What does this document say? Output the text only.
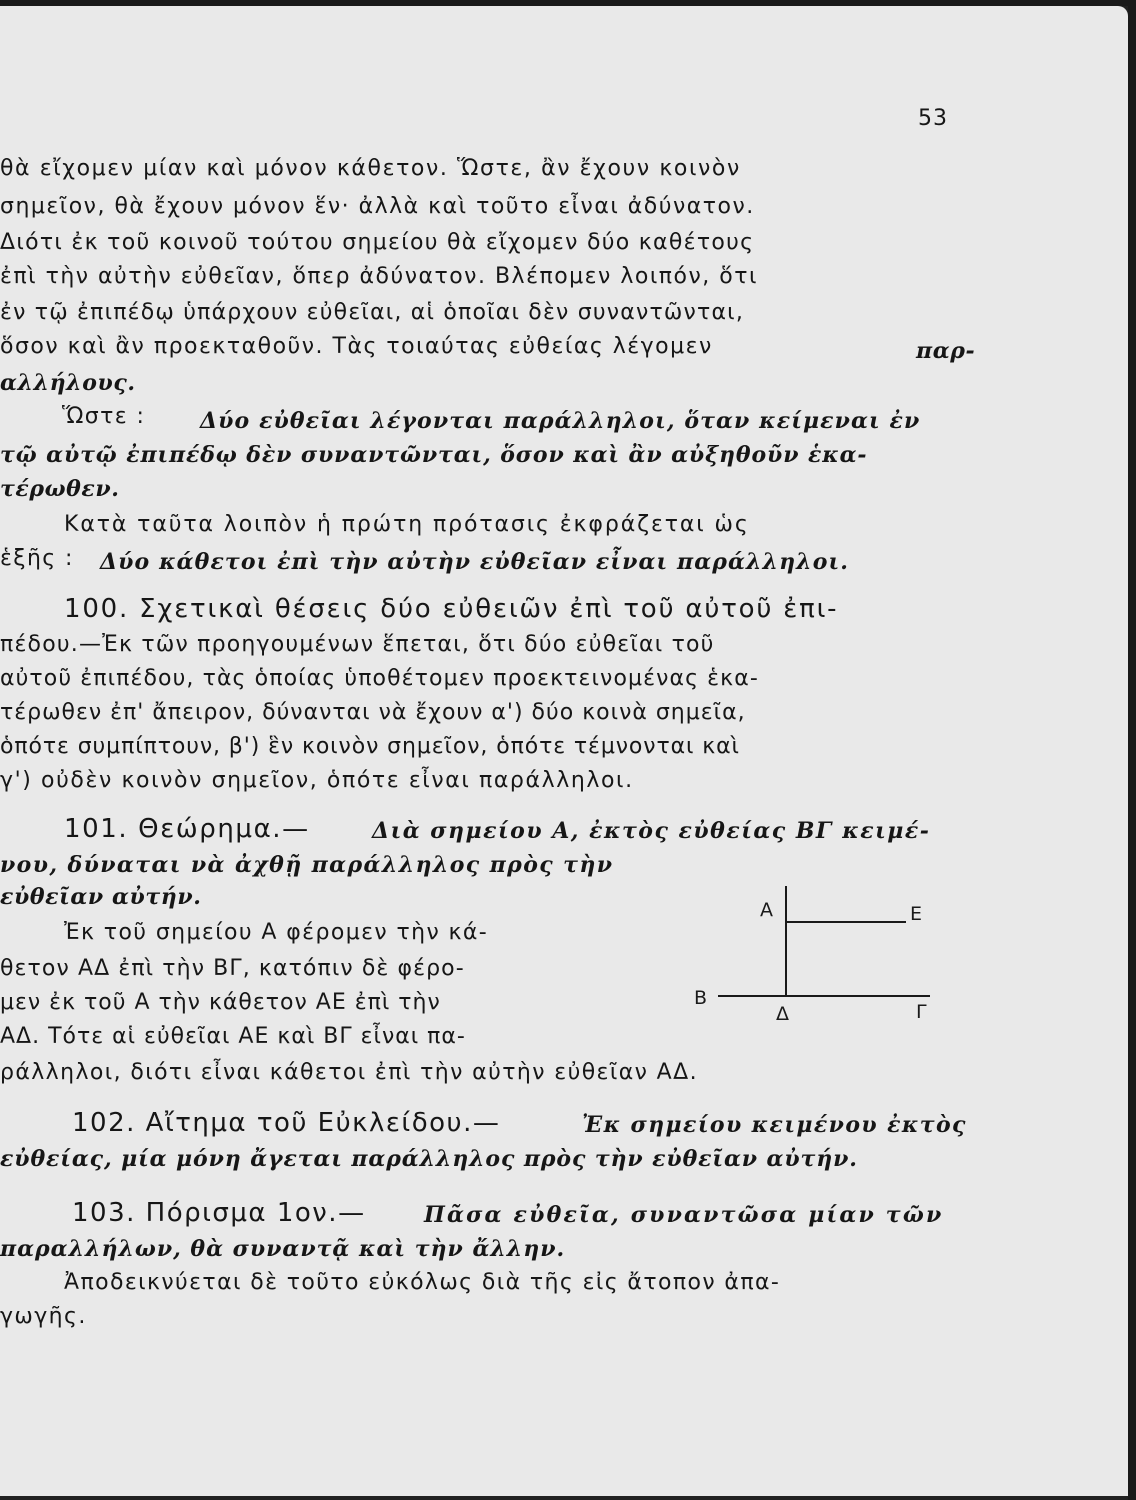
53
θὰ εἴχομεν μίαν καὶ μόνον κάθετον. Ὥστε, ἂν ἔχουν κοινὸν
σημεῖον, θὰ ἔχουν μόνον ἕν· ἀλλὰ καὶ τοῦτο εἶναι ἀδύνατον.
Διότι ἐκ τοῦ κοινοῦ τούτου σημείου θὰ εἴχομεν δύο καθέτους
ἐπὶ τὴν αὐτὴν εὐθεῖαν, ὅπερ ἀδύνατον. Βλέπομεν λοιπόν, ὅτι
ἐν τῷ ἐπιπέδῳ ὑπάρχουν εὐθεῖαι, αἱ ὁποῖαι δὲν συναντῶνται,
ὅσον καὶ ἂν προεκταθοῦν. Τὰς τοιαύτας εὐθείας λέγομεν	παρ-
αλλήλους.
Ὥστε : Δύο εὐθεῖαι λέγονται παράλληλοι, ὅταν κείμεναι ἐν
τῷ αὐτῷ ἐπιπέδῳ δὲν συναντῶνται, ὅσον καὶ ἂν αὐξηθοῦν ἑκα-
τέρωθεν.
Κατὰ ταῦτα λοιπὸν ἡ πρώτη πρότασις ἐκφράζεται ὡς
ἑξῆς : Δύο κάθετοι ἐπὶ τὴν αὐτὴν εὐθεῖαν εἶναι παράλληλοι.
100. Σχετικαὶ θέσεις δύο εὐθειῶν ἐπὶ τοῦ αὐτοῦ ἐπι-
πέδου.—Ἐκ τῶν προηγουμένων ἕπεται, ὅτι δύο εὐθεῖαι τοῦ
αὐτοῦ ἐπιπέδου, τὰς ὁποίας ὑποθέτομεν προεκτεινομένας ἑκα-
τέρωθεν ἐπ' ἄπειρον, δύνανται νὰ ἔχουν α') δύο κοινὰ σημεῖα,
ὁπότε συμπίπτουν, β') ἓν κοινὸν σημεῖον, ὁπότε τέμνονται καὶ
γ') οὐδὲν κοινὸν σημεῖον, ὁπότε εἶναι παράλληλοι.
101. Θεώρημα.—	Διὰ σημείου Α, ἐκτὸς εὐθείας ΒΓ κειμέ-
νου, δύναται νὰ ἀχθῇ παράλληλος πρὸς τὴν
εὐθεῖαν αὐτήν.
Ἐκ τοῦ σημείου Α φέρομεν τὴν κά-
θετον ΑΔ ἐπὶ τὴν ΒΓ, κατόπιν δὲ φέρο-
μεν ἐκ τοῦ Α τὴν κάθετον ΑΕ ἐπὶ τὴν
ΑΔ. Τότε αἱ εὐθεῖαι ΑΕ καὶ ΒΓ εἶναι πα-
ράλληλοι, διότι εἶναι κάθετοι ἐπὶ τὴν αὐτὴν εὐθεῖαν ΑΔ.
Α	Ε
Β
Δ	Γ
102. Αἴτημα τοῦ Εὐκλείδου.—	Ἐκ σημείου κειμένου ἐκτὸς
εὐθείας, μία μόνη ἄγεται παράλληλος πρὸς τὴν εὐθεῖαν αὐτήν.
103. Πόρισμα 1ον.—	Πᾶσα εὐθεῖα, συναντῶσα μίαν τῶν
παραλλήλων, θὰ συναντᾷ καὶ τὴν ἄλλην.
Ἀποδεικνύεται δὲ τοῦτο εὐκόλως διὰ τῆς εἰς ἄτοπον ἀπα-
γωγῆς.
